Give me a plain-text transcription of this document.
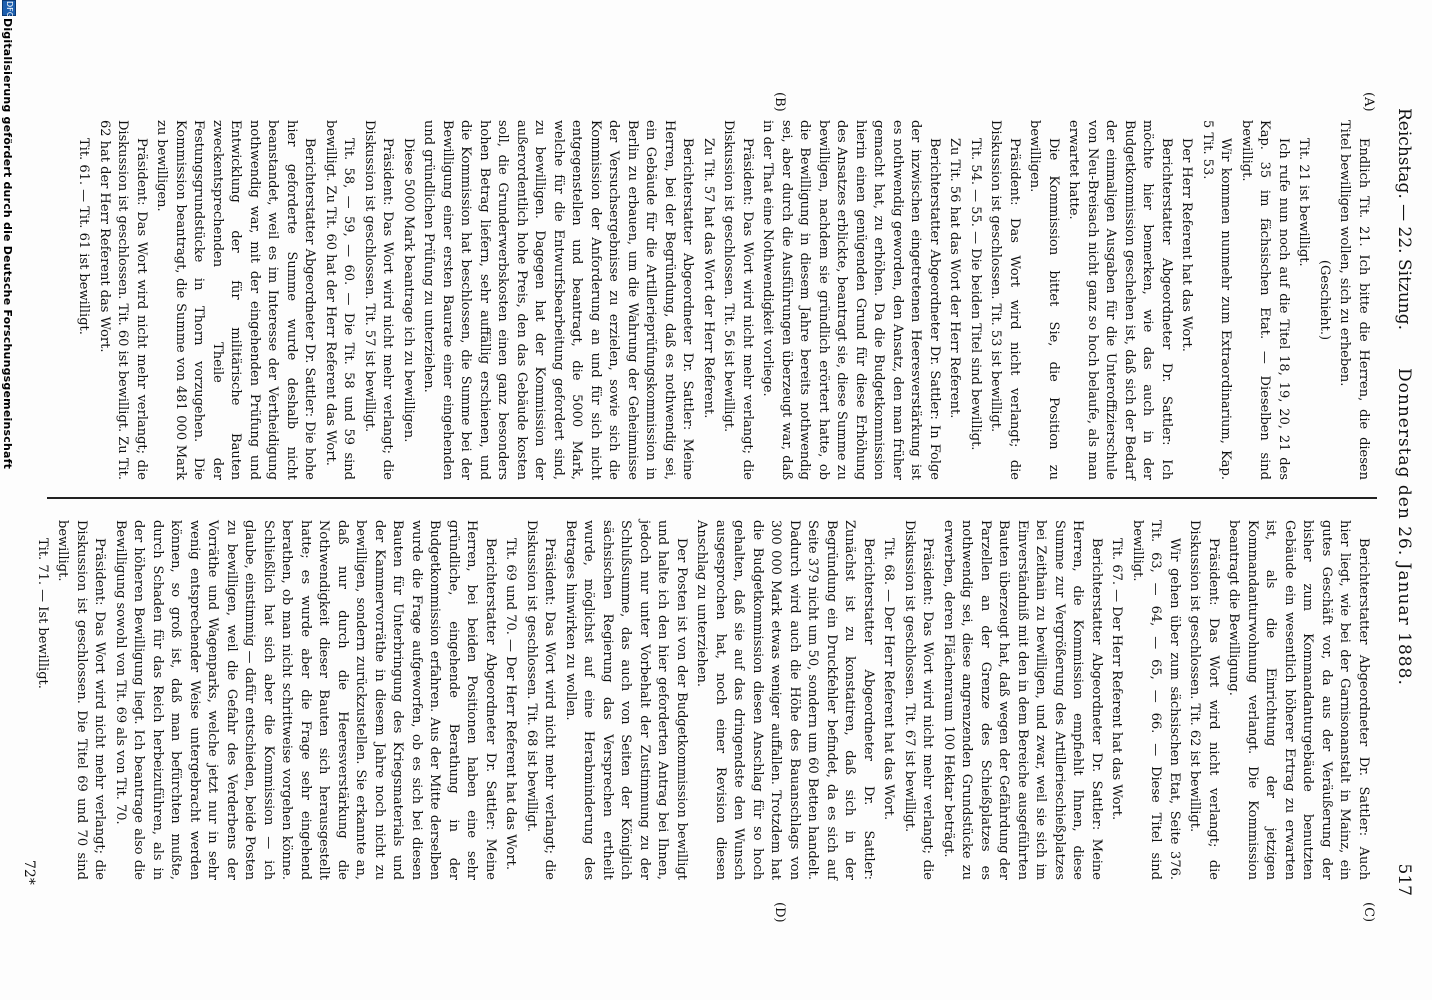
Reichstag. — 22. Sitzung.
Donnerstag den 26. Januar 1888.
517
(A)
(B)
(C)
(D)

Endlich Tit. 21. Ich bitte die Herren, die diesen Titel bewilligen wollen, sich zu erheben.

(Geschieht.)

Tit. 21 ist bewilligt.

Ich rufe nun noch auf die Titel 18, 19, 20, 21 des Kap. 35 im fächsischen Etat. — Dieselben sind bewilligt.

Wir kommen nunmehr zum Extraordinarium, Kap. 5 Tit. 53.

Der Herr Referent hat das Wort.

Berichterstatter Abgeordneter Dr. Sattler: Ich möchte hier bemerken, wie das auch in der Budgetkommission geschehen ist, daß sich der Bedarf der einmaligen Ausgaben für die Unteroffizierschule von Neu-Breisach nicht ganz so hoch belaufe, als man erwartet hatte.

Die Kommission bittet Sie, die Position zu bewilligen.

Präsident: Das Wort wird nicht verlangt; die Diskussion ist geschlossen. Tit. 53 ist bewilligt.

Tit. 54. — 55. — Die beiden Titel sind bewilligt.

Zu Tit. 56 hat das Wort der Herr Referent.

Berichterstatter Abgeordneter Dr. Sattler: In Folge der inzwischen eingetretenen Heeresverstärkung ist es nothwendig geworden, den Ansatz, den man früher gemacht hat, zu erhöhen. Da die Budgetkommission hierin einen genügenden Grund für diese Erhöhung des Ansatzes erblickte, beantragt sie, diese Summe zu bewilligen, nachdem sie gründlich erörtert hatte, ob die Bewilligung in diesem Jahre bereits nothwendig sei, aber durch die Ausführungen überzeugt war, daß in der That eine Nothwendigkeit vorliege.

Präsident: Das Wort wird nicht mehr verlangt; die Diskussion ist geschlossen. Tit. 56 ist bewilligt.

Zu Tit. 57 hat das Wort der Herr Referent.

Berichterstatter Abgeordneter Dr. Sattler: Meine Herren, bei der Begründung, daß es nothwendig sei, ein Gebäude für die Artillerieprüfungskommission in Berlin zu erbauen, um die Wahrung der Geheimnisse der Versuchsergebnisse zu erzielen, sowie sich die Kommission der Anforderung an und für sich nicht entgegenstellen und beantragt, die 5000 Mark, welche für die Entwurfsbearbeitung gefordert sind, zu bewilligen. Dagegen hat der Kommission der außerordentlich hohe Preis, den das Gebäude kosten soll, die Grunderwerbskosten einen ganz besonders hohen Betrag liefern, sehr auffällig erschienen, und die Kommission hat beschlossen, die Summe bei der Bewilligung einer ersten Baurate einer eingehenden und gründlichen Prüfung zu unterziehen.

Diese 5000 Mark beantrage ich zu bewilligen.

Präsident: Das Wort wird nicht mehr verlangt; die Diskussion ist geschlossen. Tit. 57 ist bewilligt.

Tit. 58, — 59, — 60. — Die Tit. 58 und 59 sind bewilligt. Zu Tit. 60 hat der Herr Referent das Wort.

Berichterstatter Abgeordneter Dr. Sattler: Die hohe hier geforderte Summe wurde deshalb nicht beanstandet, weil es im Interesse der Vertheidigung nothwendig war, mit der eingehenden Prüfung und Entwicklung der für militärische Bauten zweckentsprechenden Theile der Festungsgrundstücke in Thorn vorzugehen. Die Kommission beantragt, die Summe von 481 000 Mark zu bewilligen.

Präsident: Das Wort wird nicht mehr verlangt; die Diskussion ist geschlossen. Tit. 60 ist bewilligt. Zu Tit. 62 hat der Herr Referent das Wort.

Tit. 61. — Tit. 61 ist bewilligt.

Berichterstatter Abgeordneter Dr. Sattler: Auch hier liegt, wie bei der Garnisonanstalt in Mainz, ein gutes Geschäft vor, da aus der Veräußerung der bisher zum Kommandanturgebäude benutzten Gebäude ein wesentlich höherer Ertrag zu erwarten ist, als die Einrichtung der jetzigen Kommandanturwohnung verlangt. Die Kommission beantragt die Bewilligung.

Präsident: Das Wort wird nicht verlangt; die Diskussion ist geschlossen. Tit. 62 ist bewilligt.

Wir gehen über zum sächsischen Etat, Seite 376. Tit. 63, — 64, — 65, — 66. — Diese Titel sind bewilligt.

Tit. 67. — Der Herr Referent hat das Wort.

Berichterstatter Abgeordneter Dr. Sattler: Meine Herren, die Kommission empfiehlt Ihnen, diese Summe zur Vergrößerung des Artillerieschießplatzes bei Zeithain zu bewilligen, und zwar, weil sie sich im Einverständniß mit den in dem Bereiche ausgeführten Bauten überzeugt hat, daß wegen der Gefährdung der Parzellen an der Grenze des Schießplatzes es nothwendig sei, diese angrenzenden Grundstücke zu erwerben, deren Flächenraum 100 Hektar beträgt.

Präsident: Das Wort wird nicht mehr verlangt; die Diskussion ist geschlossen. Tit. 67 ist bewilligt.

Tit. 68. — Der Herr Referent hat das Wort.

Berichterstatter Abgeordneter Dr. Sattler: Zunächst ist zu konstatiren, daß sich in der Begründung ein Druckfehler befindet, da es sich auf Seite 379 nicht um 50, sondern um 60 Betten handelt. Dadurch wird auch die Höhe des Bauanschlags von 300 000 Mark etwas weniger auffallen. Trotzdem hat die Budgetkommission diesen Anschlag für so hoch gehalten, daß sie auf das dringendste den Wunsch ausgesprochen hat, noch einer Revision diesen Anschlag zu unterziehen.

Der Posten ist von der Budgetkommission bewilligt und halte ich den hier geforderten Antrag bei Ihnen, jedoch nur unter Vorbehalt der Zustimmung zu der Schlußsumme, das auch von Seiten der Königlich sächsischen Regierung das Versprechen ertheilt wurde, möglichst auf eine Herabminderung des Betrages hinwirken zu wollen.

Präsident: Das Wort wird nicht mehr verlangt; die Diskussion ist geschlossen. Tit. 68 ist bewilligt.

Tit. 69 und 70. — Der Herr Referent hat das Wort.

Berichterstatter Abgeordneter Dr. Sattler: Meine Herren, bei beiden Positionen haben eine sehr gründliche, eingehende Berathung in der Budgetkommission erfahren. Aus der Mitte derselben wurde die Frage aufgeworfen, ob es sich bei diesen Bauten für Unterbringung des Kriegsmaterials und der Kammervorräthe in diesem Jahre noch nicht zu bewilligen, sondern zurückzustellen. Sie erkannte an, daß nur durch die Heeresverstärkung die Nothwendigkeit dieser Bauten sich herausgestellt hatte; es wurde aber die Frage sehr eingehend berathen, ob man nicht schrittweise vorgehen könne. Schließlich hat sich aber die Kommission — ich glaube, einstimmig — dafür entschieden, beide Posten zu bewilligen, weil die Gefahr des Verderbens der Vorräthe und Wagenparks, welche jetzt nur in sehr wenig entsprechender Weise untergebracht werden können, so groß ist, daß man befürchten mußte, durch Schaden für das Reich herbeizuführen, als in der höheren Bewilligung liegt. Ich beantrage also die Bewilligung sowohl von Tit. 69 als von Tit. 70.

Präsident: Das Wort wird nicht mehr verlangt; die Diskussion ist geschlossen. Die Titel 69 und 70 sind bewilligt.

Tit. 71. — Ist bewilligt.

72*
DFG
Digitalisierung gefördert durch die Deutsche Forschungsgemeinschaft
